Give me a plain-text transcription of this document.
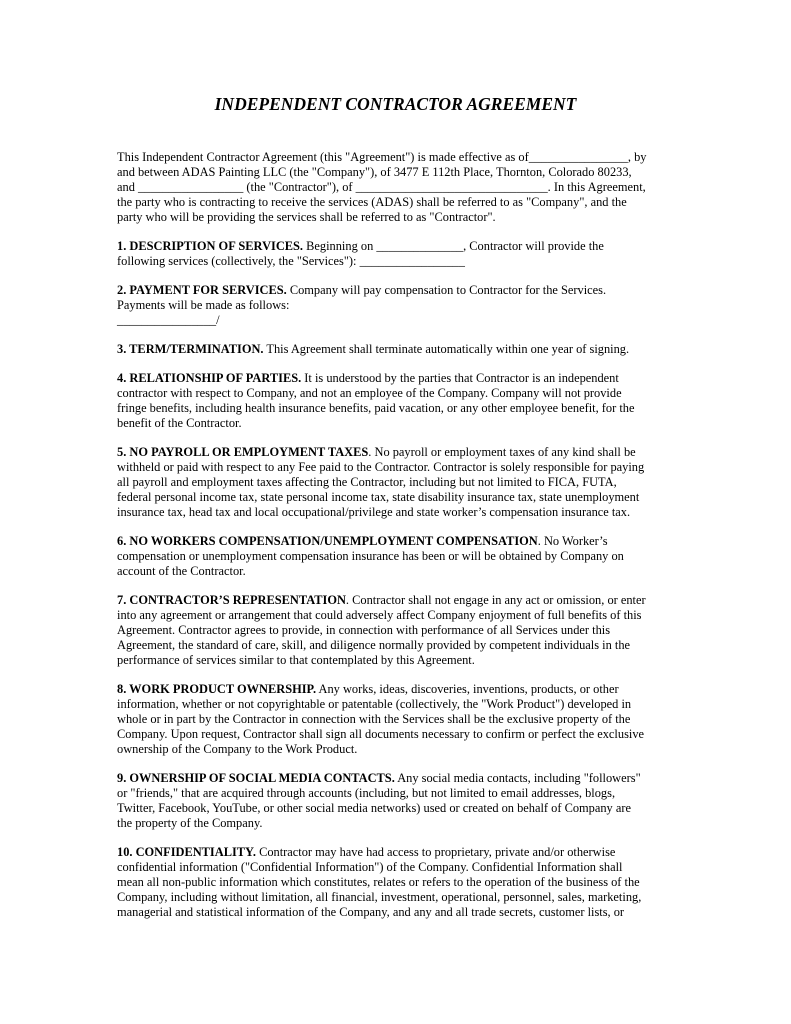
INDEPENDENT CONTRACTOR AGREEMENT
This Independent Contractor Agreement (this "Agreement") is made effective as of________________, by
and between ADAS Painting LLC (the "Company"), of 3477 E 112th Place, Thornton, Colorado 80233,
and _________________ (the "Contractor"), of _______________________________. In this Agreement,
the party who is contracting to receive the services (ADAS) shall be referred to as "Company", and the
party who will be providing the services shall be referred to as "Contractor".
1. DESCRIPTION OF SERVICES. Beginning on ______________, Contractor will provide the
following services (collectively, the "Services"): _________________
2. PAYMENT FOR SERVICES. Company will pay compensation to Contractor for the Services.
Payments will be made as follows:
________________/
3. TERM/TERMINATION. This Agreement shall terminate automatically within one year of signing.
4. RELATIONSHIP OF PARTIES. It is understood by the parties that Contractor is an independent
contractor with respect to Company, and not an employee of the Company. Company will not provide
fringe benefits, including health insurance benefits, paid vacation, or any other employee benefit, for the
benefit of the Contractor.
5. NO PAYROLL OR EMPLOYMENT TAXES. No payroll or employment taxes of any kind shall be
withheld or paid with respect to any Fee paid to the Contractor. Contractor is solely responsible for paying
all payroll and employment taxes affecting the Contractor, including but not limited to FICA, FUTA,
federal personal income tax, state personal income tax, state disability insurance tax, state unemployment
insurance tax, head tax and local occupational/privilege and state worker’s compensation insurance tax.
6. NO WORKERS COMPENSATION/UNEMPLOYMENT COMPENSATION. No Worker’s
compensation or unemployment compensation insurance has been or will be obtained by Company on
account of the Contractor.
7. CONTRACTOR’S REPRESENTATION. Contractor shall not engage in any act or omission, or enter
into any agreement or arrangement that could adversely affect Company enjoyment of full benefits of this
Agreement. Contractor agrees to provide, in connection with performance of all Services under this
Agreement, the standard of care, skill, and diligence normally provided by competent individuals in the
performance of services similar to that contemplated by this Agreement.
8. WORK PRODUCT OWNERSHIP. Any works, ideas, discoveries, inventions, products, or other
information, whether or not copyrightable or patentable (collectively, the "Work Product") developed in
whole or in part by the Contractor in connection with the Services shall be the exclusive property of the
Company. Upon request, Contractor shall sign all documents necessary to confirm or perfect the exclusive
ownership of the Company to the Work Product.
9. OWNERSHIP OF SOCIAL MEDIA CONTACTS. Any social media contacts, including "followers"
or "friends," that are acquired through accounts (including, but not limited to email addresses, blogs,
Twitter, Facebook, YouTube, or other social media networks) used or created on behalf of Company are
the property of the Company.
10. CONFIDENTIALITY. Contractor may have had access to proprietary, private and/or otherwise
confidential information ("Confidential Information") of the Company. Confidential Information shall
mean all non-public information which constitutes, relates or refers to the operation of the business of the
Company, including without limitation, all financial, investment, operational, personnel, sales, marketing,
managerial and statistical information of the Company, and any and all trade secrets, customer lists, or
